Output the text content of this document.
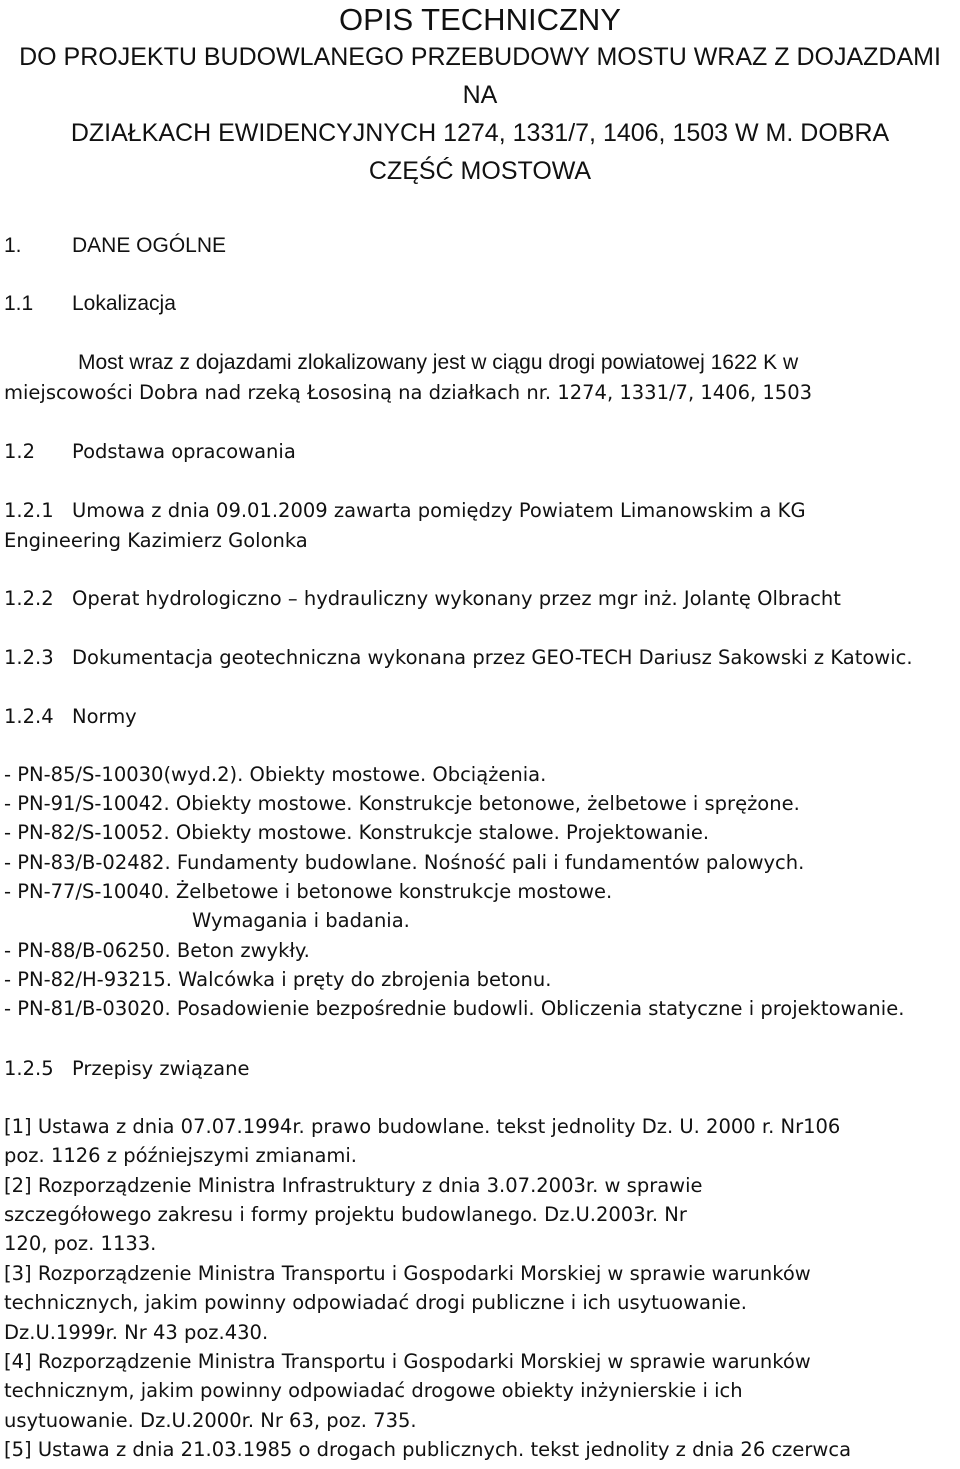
OPIS TECHNICZNY
DO PROJEKTU BUDOWLANEGO PRZEBUDOWY MOSTU WRAZ Z DOJAZDAMI NA
DZIAŁKACH EWIDENCYJNYCH 1274, 1331/7, 1406, 1503 W M. DOBRA
CZĘŚĆ MOSTOWA
1. DANE OGÓLNE
1.1 Lokalizacja
Most wraz z dojazdami zlokalizowany jest w ciągu drogi powiatowej 1622 K w
miejscowości Dobra nad rzeką Łososiną na działkach nr. 1274, 1331/7, 1406, 1503
1.2 Podstawa opracowania
1.2.1 Umowa z dnia 09.01.2009 zawarta pomiędzy Powiatem Limanowskim a KG
Engineering Kazimierz Golonka
1.2.2 Operat hydrologiczno – hydrauliczny wykonany przez mgr inż. Jolantę Olbracht
1.2.3 Dokumentacja geotechniczna wykonana przez GEO-TECH Dariusz Sakowski z Katowic.
1.2.4 Normy
- PN-85/S-10030(wyd.2). Obiekty mostowe. Obciążenia.
- PN-91/S-10042. Obiekty mostowe. Konstrukcje betonowe, żelbetowe i sprężone.
- PN-82/S-10052. Obiekty mostowe. Konstrukcje stalowe. Projektowanie.
- PN-83/B-02482. Fundamenty budowlane. Nośność pali i fundamentów palowych.
- PN-77/S-10040. Żelbetowe i betonowe konstrukcje mostowe.
Wymagania i badania.
- PN-88/B-06250. Beton zwykły.
- PN-82/H-93215. Walcówka i pręty do zbrojenia betonu.
- PN-81/B-03020. Posadowienie bezpośrednie budowli. Obliczenia statyczne i projektowanie.
1.2.5 Przepisy związane
[1] Ustawa z dnia 07.07.1994r. prawo budowlane. tekst jednolity Dz. U. 2000 r. Nr106
poz. 1126 z późniejszymi zmianami.
[2] Rozporządzenie Ministra Infrastruktury z dnia 3.07.2003r. w sprawie
szczegółowego zakresu i formy projektu budowlanego. Dz.U.2003r. Nr
120, poz. 1133.
[3] Rozporządzenie Ministra Transportu i Gospodarki Morskiej w sprawie warunków
technicznych, jakim powinny odpowiadać drogi publiczne i ich usytuowanie.
Dz.U.1999r. Nr 43 poz.430.
[4] Rozporządzenie Ministra Transportu i Gospodarki Morskiej w sprawie warunków
technicznym, jakim powinny odpowiadać drogowe obiekty inżynierskie i ich
usytuowanie. Dz.U.2000r. Nr 63, poz. 735.
[5] Ustawa z dnia 21.03.1985 o drogach publicznych. tekst jednolity z dnia 26 czerwca
